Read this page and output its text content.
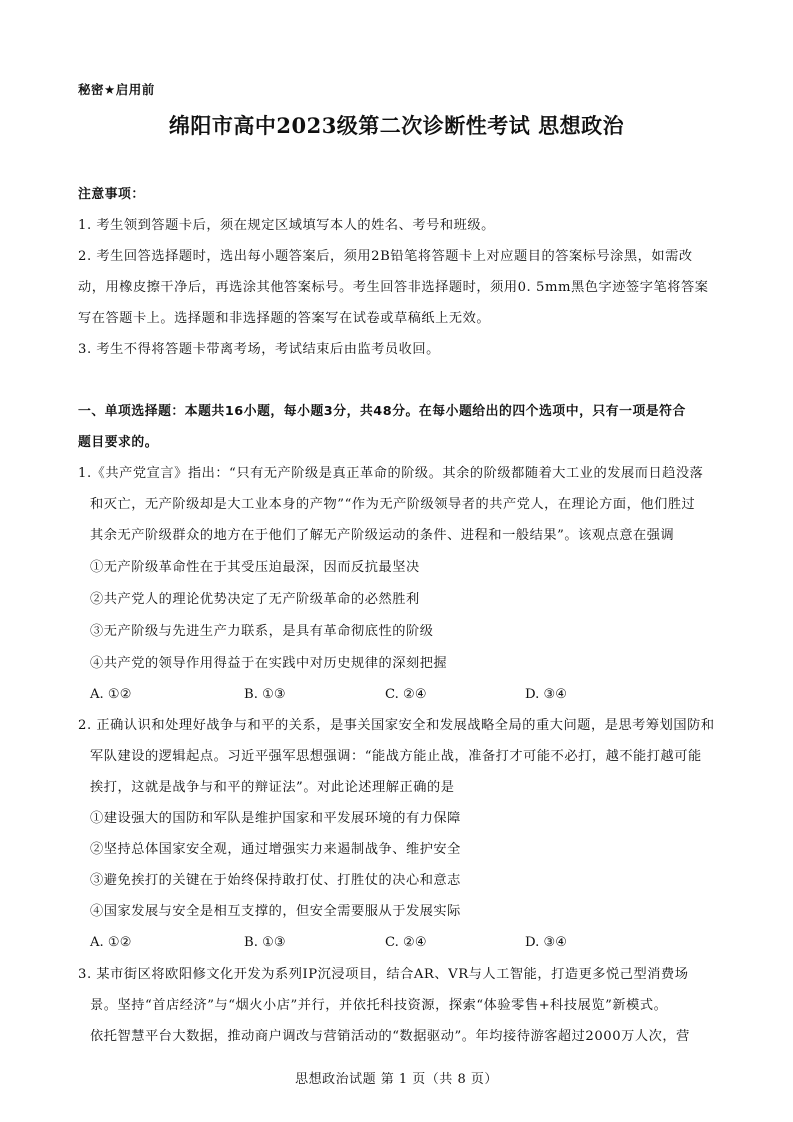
秘密★启用前
绵阳市高中2023级第二次诊断性考试 思想政治
注意事项：
1. 考生领到答题卡后，须在规定区域填写本人的姓名、考号和班级。
2. 考生回答选择题时，选出每小题答案后，须用2B铅笔将答题卡上对应题目的答案标号涂黑，如需改
动，用橡皮擦干净后，再选涂其他答案标号。考生回答非选择题时，须用0. 5mm黑色字迹签字笔将答案
写在答题卡上。选择题和非选择题的答案写在试卷或草稿纸上无效。
3. 考生不得将答题卡带离考场，考试结束后由监考员收回。
一、单项选择题：本题共16小题，每小题3分，共48分。在每小题给出的四个选项中，只有一项是符合
题目要求的。
1.《共产党宣言》指出：“只有无产阶级是真正革命的阶级。其余的阶级都随着大工业的发展而日趋没落
和灭亡，无产阶级却是大工业本身的产物”“作为无产阶级领导者的共产党人，在理论方面，他们胜过
其余无产阶级群众的地方在于他们了解无产阶级运动的条件、进程和一般结果”。该观点意在强调
①无产阶级革命性在于其受压迫最深，因而反抗最坚决
②共产党人的理论优势决定了无产阶级革命的必然胜利
③无产阶级与先进生产力联系，是具有革命彻底性的阶级
④共产党的领导作用得益于在实践中对历史规律的深刻把握
A. ①②	B. ①③	C. ②④	D. ③④
2. 正确认识和处理好战争与和平的关系，是事关国家安全和发展战略全局的重大问题，是思考筹划国防和
军队建设的逻辑起点。习近平强军思想强调：“能战方能止战，准备打才可能不必打，越不能打越可能
挨打，这就是战争与和平的辩证法”。对此论述理解正确的是
①建设强大的国防和军队是维护国家和平发展环境的有力保障
②坚持总体国家安全观，通过增强实力来遏制战争、维护安全
③避免挨打的关键在于始终保持敢打仗、打胜仗的决心和意志
④国家发展与安全是相互支撑的，但安全需要服从于发展实际
A. ①②	B. ①③	C. ②④	D. ③④
3. 某市街区将欧阳修文化开发为系列IP沉浸项目，结合AR、VR与人工智能，打造更多悦己型消费场
景。坚持“首店经济”与“烟火小店”并行，并依托科技资源，探索“体验零售+科技展览”新模式。
依托智慧平台大数据，推动商户调改与营销活动的“数据驱动”。年均接待游客超过2000万人次，营
思想政治试题 第 1 页（共 8 页）
